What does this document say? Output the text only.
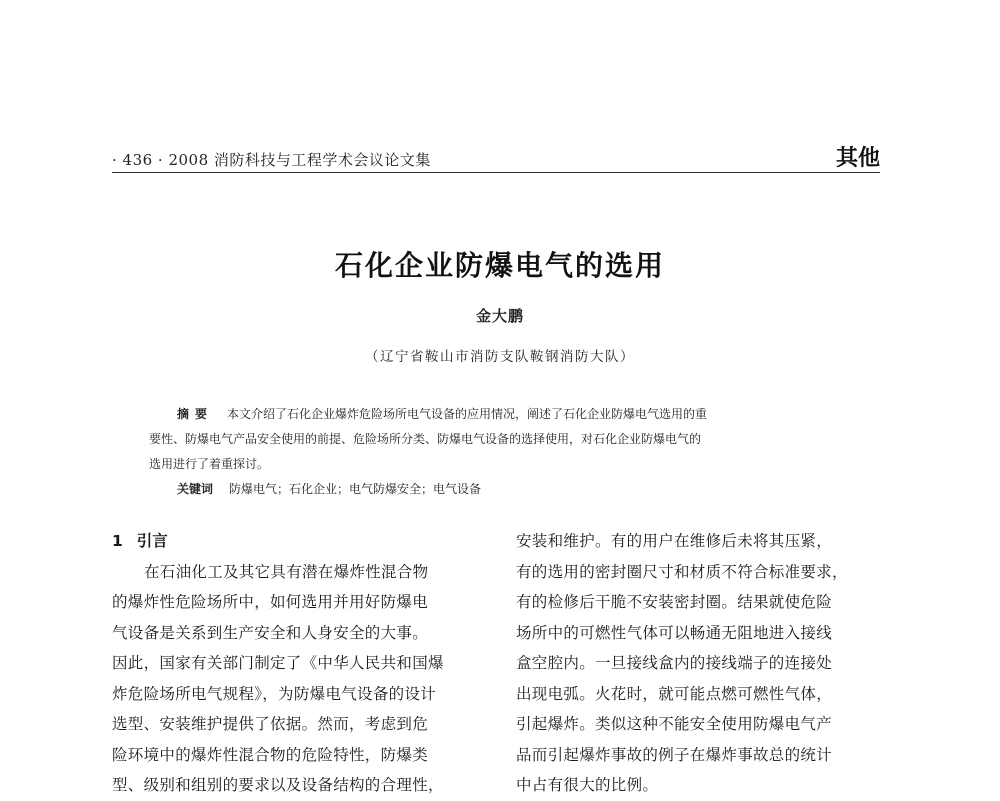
· 436 · 2008 消防科技与工程学术会议论文集	其他
石化企业防爆电气的选用
金大鹏
（辽宁省鞍山市消防支队鞍钢消防大队）
摘要 本文介绍了石化企业爆炸危险场所电气设备的应用情况，阐述了石化企业防爆电气选用的重
要性、防爆电气产品安全使用的前提、危险场所分类、防爆电气设备的选择使用，对石化企业防爆电气的
选用进行了着重探讨。
关键词 防爆电气；石化企业；电气防爆安全；电气设备
1 引言
在石油化工及其它具有潜在爆炸性混合物
的爆炸性危险场所中，如何选用并用好防爆电
气设备是关系到生产安全和人身安全的大事。
因此，国家有关部门制定了《中华人民共和国爆
炸危险场所电气规程》，为防爆电气设备的设计
选型、安装维护提供了依据。然而，考虑到危
险环境中的爆炸性混合物的危险特性，防爆类
型、级别和组别的要求以及设备结构的合理性，
安装和维护。有的用户在维修后未将其压紧，
有的选用的密封圈尺寸和材质不符合标准要求，
有的检修后干脆不安装密封圈。结果就使危险
场所中的可燃性气体可以畅通无阻地进入接线
盒空腔内。一旦接线盒内的接线端子的连接处
出现电弧。火花时，就可能点燃可燃性气体，
引起爆炸。类似这种不能安全使用防爆电气产
品而引起爆炸事故的例子在爆炸事故总的统计
中占有很大的比例。
